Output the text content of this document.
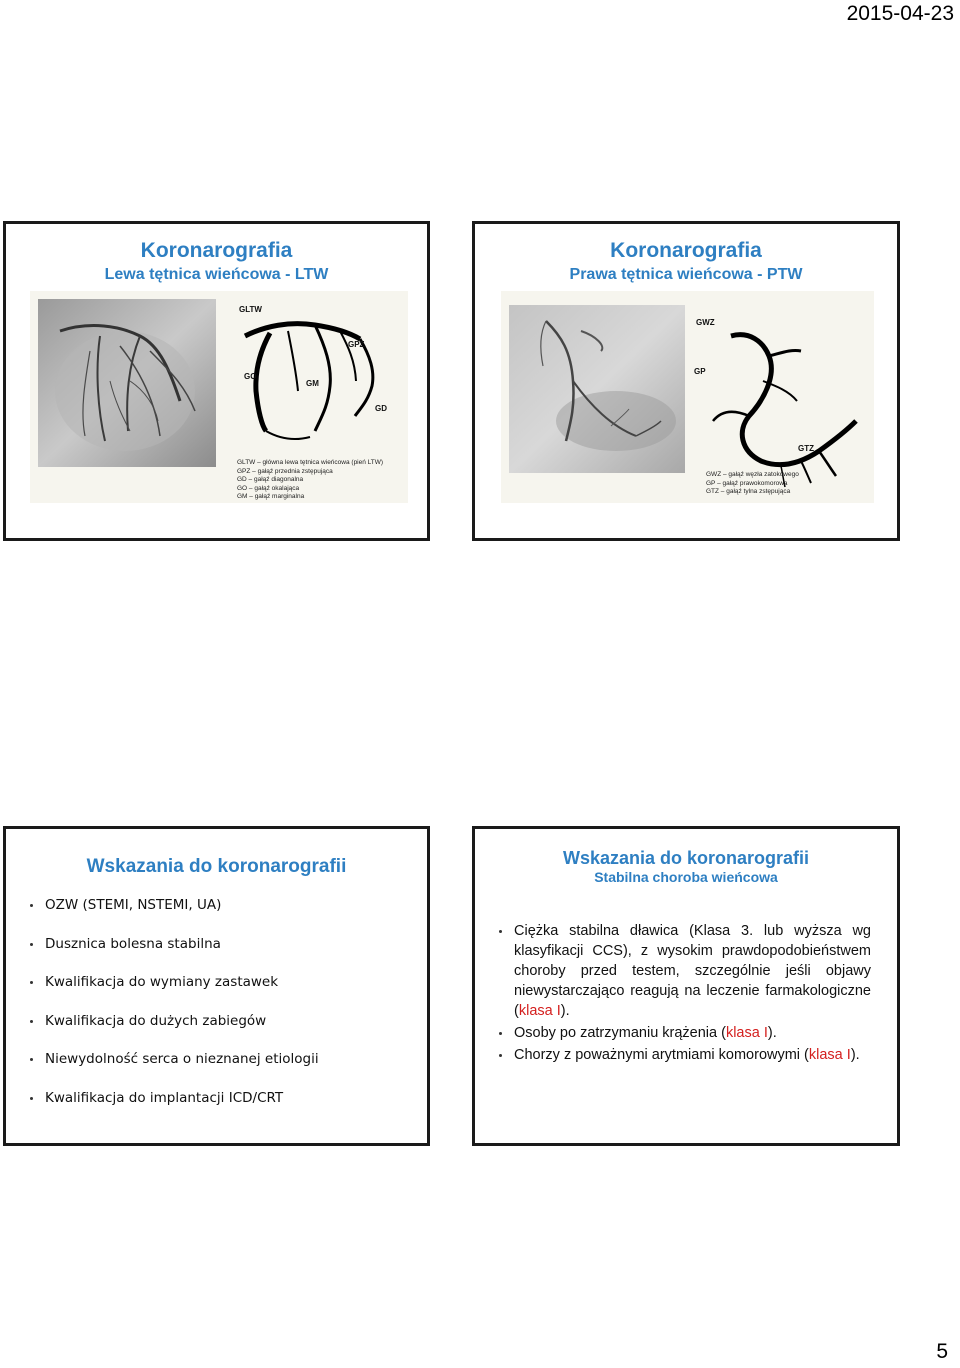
2015-04-23
Koronarografia
Lewa tętnica wieńcowa - LTW
GLTW
GPZ
GO
GM
GD
GLTW – główna lewa tętnica wieńcowa (pień LTW)
GPZ – gałąź przednia zstępująca
GD – gałąź diagonalna
GO – gałąź okalająca
GM – gałąź marginalna
Koronarografia
Prawa tętnica wieńcowa - PTW
GWZ
GP
GTZ
GWZ – gałąź węzła zatokowego
GP – gałąź prawokomorowa
GTZ – gałąź tylna zstępująca
Wskazania do koronarografii
OZW (STEMI, NSTEMI, UA)
Dusznica bolesna stabilna
Kwalifikacja do wymiany zastawek
Kwalifikacja do dużych zabiegów
Niewydolność serca o nieznanej etiologii
Kwalifikacja do implantacji ICD/CRT
Wskazania do koronarografii
Stabilna choroba wieńcowa
Ciężka stabilna dławica (Klasa 3. lub wyższa wg klasyfikacji CCS), z wysokim prawdopodobieństwem choroby przed testem, szczególnie jeśli objawy niewystarczająco reagują na leczenie farmakologiczne (klasa I).
Osoby po zatrzymaniu krążenia (klasa I).
Chorzy z poważnymi arytmiami komorowymi (klasa I).
5
